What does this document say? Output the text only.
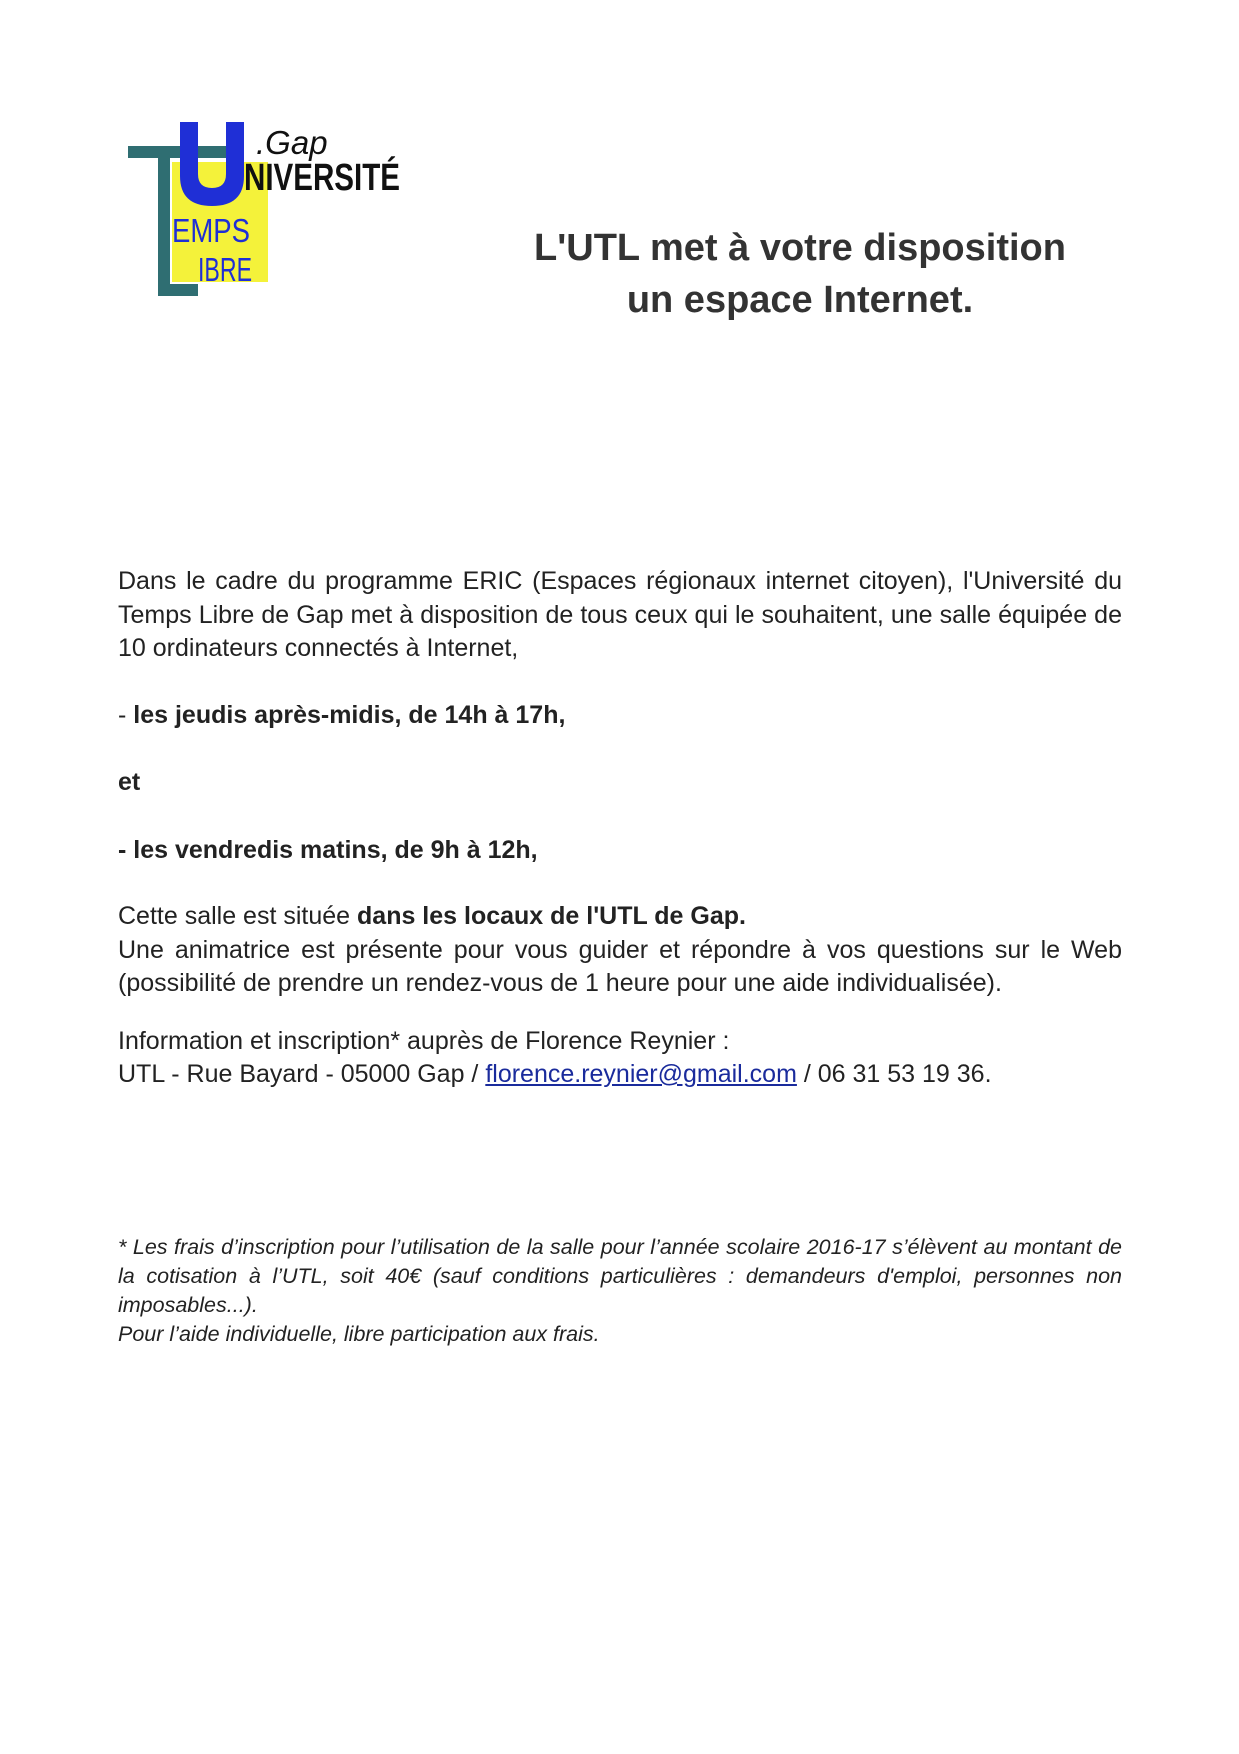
.Gap
NIVERSITÉ
EMPS
IBRE
L'UTL met à votre disposition
un espace Internet.

Dans le cadre du programme ERIC (Espaces régionaux internet citoyen), l'Université du Temps Libre de Gap met à disposition de tous ceux qui le souhaitent, une salle équipée de 10 ordinateurs connectés à Internet,

- les jeudis après-midis, de 14h à 17h,

et

- les vendredis matins, de 9h à 12h,

Cette salle est située dans les locaux de l'UTL de Gap.

Une animatrice est présente pour vous guider et répondre à vos questions sur le Web (possibilité de prendre un rendez-vous de 1 heure pour une aide individualisée).

Information et inscription* auprès de Florence Reynier :

UTL - Rue Bayard - 05000 Gap / florence.reynier@gmail.com / 06 31 53 19 36.

* Les frais d’inscription pour l’utilisation de la salle pour l’année scolaire 2016-17 s’élèvent au montant de la cotisation à l’UTL, soit 40€ (sauf conditions particulières : demandeurs d'emploi, personnes non imposables...).

Pour l’aide individuelle, libre participation aux frais.
